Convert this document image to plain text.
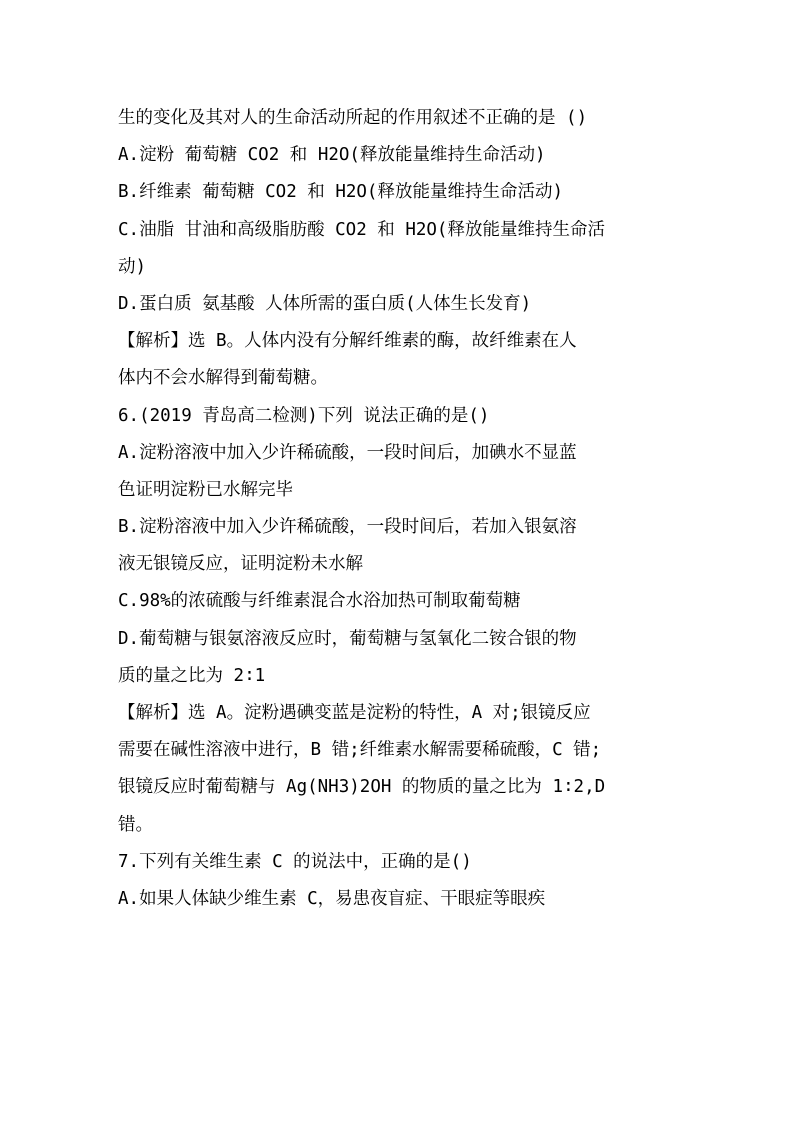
生的变化及其对人的生命活动所起的作用叙述不正确的是 ()
A.淀粉 葡萄糖 CO2 和 H2O(释放能量维持生命活动)
B.纤维素 葡萄糖 CO2 和 H2O(释放能量维持生命活动)
C.油脂 甘油和高级脂肪酸 CO2 和 H2O(释放能量维持生命活
动)
D.蛋白质 氨基酸 人体所需的蛋白质(人体生长发育)
【解析】选 B。人体内没有分解纤维素的酶，故纤维素在人
体内不会水解得到葡萄糖。
6.(2019 青岛高二检测)下列 说法正确的是()
A.淀粉溶液中加入少许稀硫酸，一段时间后，加碘水不显蓝
色证明淀粉已水解完毕
B.淀粉溶液中加入少许稀硫酸，一段时间后，若加入银氨溶
液无银镜反应，证明淀粉未水解
C.98%的浓硫酸与纤维素混合水浴加热可制取葡萄糖
D.葡萄糖与银氨溶液反应时，葡萄糖与氢氧化二铵合银的物
质的量之比为 2∶1
【解析】选 A。淀粉遇碘变蓝是淀粉的特性，A 对;银镜反应
需要在碱性溶液中进行，B 错;纤维素水解需要稀硫酸，C 错;
银镜反应时葡萄糖与 Ag(NH3)2OH 的物质的量之比为 1∶2,D
错。
7.下列有关维生素 C 的说法中，正确的是()
A.如果人体缺少维生素 C，易患夜盲症、干眼症等眼疾
